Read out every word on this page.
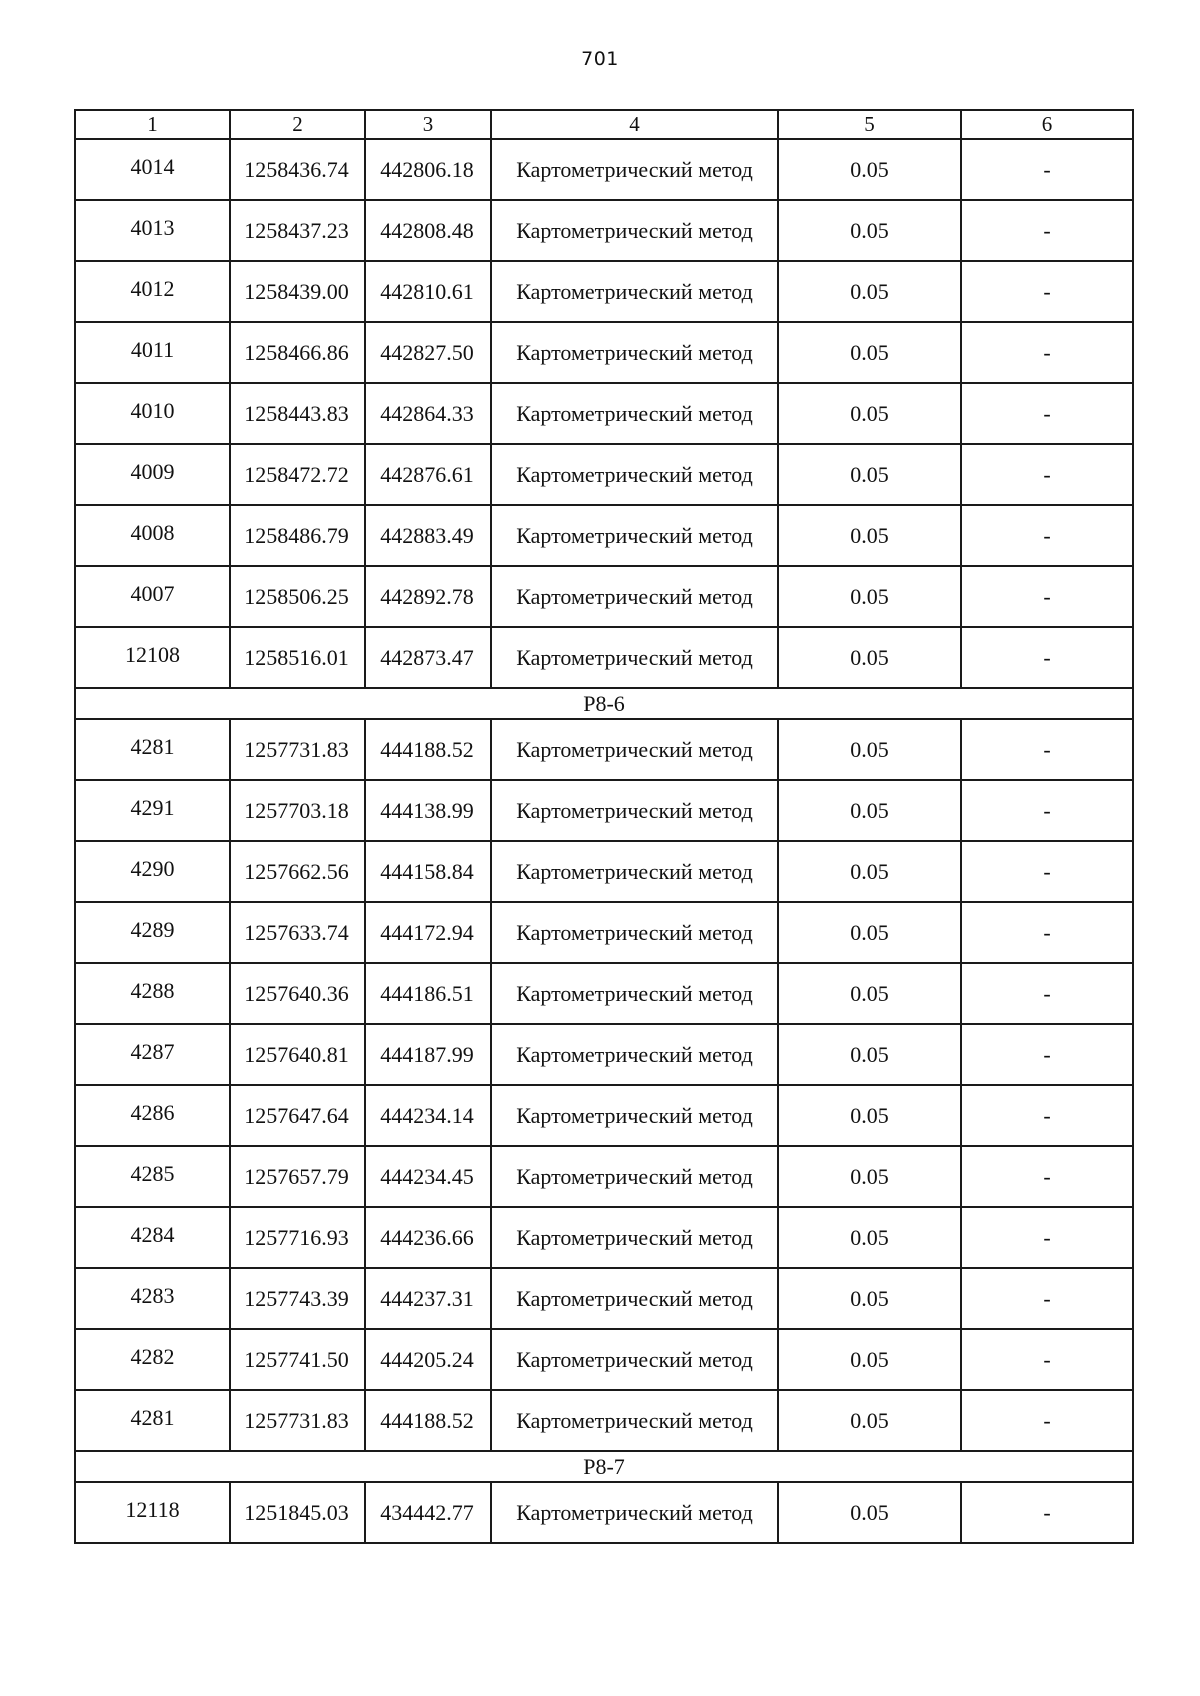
701
1	2	3	4	5	6
4014	1258436.74	442806.18	Картометрический метод	0.05	-
4013	1258437.23	442808.48	Картометрический метод	0.05	-
4012	1258439.00	442810.61	Картометрический метод	0.05	-
4011	1258466.86	442827.50	Картометрический метод	0.05	-
4010	1258443.83	442864.33	Картометрический метод	0.05	-
4009	1258472.72	442876.61	Картометрический метод	0.05	-
4008	1258486.79	442883.49	Картометрический метод	0.05	-
4007	1258506.25	442892.78	Картометрический метод	0.05	-
12108	1258516.01	442873.47	Картометрический метод	0.05	-
Р8-6					
4281	1257731.83	444188.52	Картометрический метод	0.05	-
4291	1257703.18	444138.99	Картометрический метод	0.05	-
4290	1257662.56	444158.84	Картометрический метод	0.05	-
4289	1257633.74	444172.94	Картометрический метод	0.05	-
4288	1257640.36	444186.51	Картометрический метод	0.05	-
4287	1257640.81	444187.99	Картометрический метод	0.05	-
4286	1257647.64	444234.14	Картометрический метод	0.05	-
4285	1257657.79	444234.45	Картометрический метод	0.05	-
4284	1257716.93	444236.66	Картометрический метод	0.05	-
4283	1257743.39	444237.31	Картометрический метод	0.05	-
4282	1257741.50	444205.24	Картометрический метод	0.05	-
4281	1257731.83	444188.52	Картометрический метод	0.05	-
Р8-7					
12118	1251845.03	434442.77	Картометрический метод	0.05	-
